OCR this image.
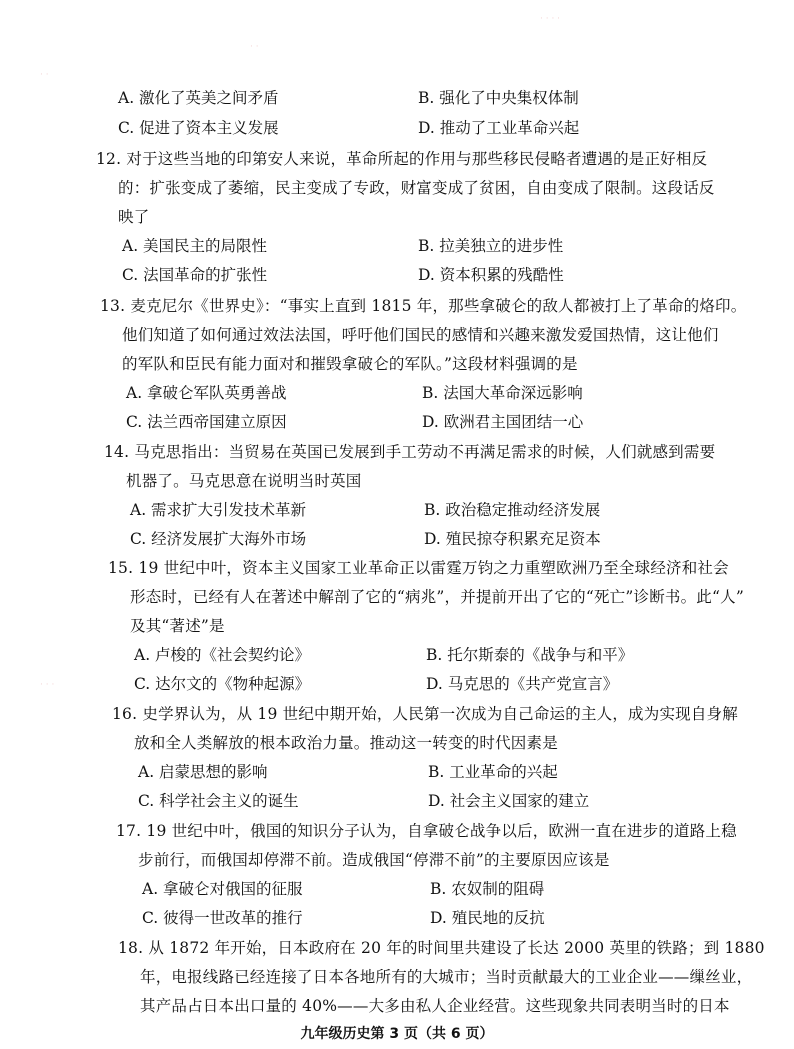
· · · ·
· ·
· ·
· · ·
A. 激化了英美之间矛盾	B. 强化了中央集权体制
C. 促进了资本主义发展	D. 推动了工业革命兴起
12. 对于这些当地的印第安人来说，革命所起的作用与那些移民侵略者遭遇的是正好相反
的：扩张变成了萎缩，民主变成了专政，财富变成了贫困，自由变成了限制。这段话反
映了
A. 美国民主的局限性	B. 拉美独立的进步性
C. 法国革命的扩张性	D. 资本积累的残酷性
13. 麦克尼尔《世界史》：“事实上直到 1815 年，那些拿破仑的敌人都被打上了革命的烙印。
他们知道了如何通过效法法国，呼吁他们国民的感情和兴趣来激发爱国热情，这让他们
的军队和臣民有能力面对和摧毁拿破仑的军队。”这段材料强调的是
A. 拿破仑军队英勇善战	B. 法国大革命深远影响
C. 法兰西帝国建立原因	D. 欧洲君主国团结一心
14. 马克思指出：当贸易在英国已发展到手工劳动不再满足需求的时候，人们就感到需要
机器了。马克思意在说明当时英国
A. 需求扩大引发技术革新	B. 政治稳定推动经济发展
C. 经济发展扩大海外市场	D. 殖民掠夺积累充足资本
15. 19 世纪中叶，资本主义国家工业革命正以雷霆万钧之力重塑欧洲乃至全球经济和社会
形态时，已经有人在著述中解剖了它的“病兆”，并提前开出了它的“死亡”诊断书。此“人”
及其“著述”是
A. 卢梭的《社会契约论》	B. 托尔斯泰的《战争与和平》
C. 达尔文的《物种起源》	D. 马克思的《共产党宣言》
16. 史学界认为，从 19 世纪中期开始，人民第一次成为自己命运的主人，成为实现自身解
放和全人类解放的根本政治力量。推动这一转变的时代因素是
A. 启蒙思想的影响	B. 工业革命的兴起
C. 科学社会主义的诞生	D. 社会主义国家的建立
17. 19 世纪中叶，俄国的知识分子认为，自拿破仑战争以后，欧洲一直在进步的道路上稳
步前行，而俄国却停滞不前。造成俄国“停滞不前”的主要原因应该是
A. 拿破仑对俄国的征服	B. 农奴制的阻碍
C. 彼得一世改革的推行	D. 殖民地的反抗
18. 从 1872 年开始，日本政府在 20 年的时间里共建设了长达 2000 英里的铁路；到 1880
年，电报线路已经连接了日本各地所有的大城市；当时贡献最大的工业企业——缫丝业，
其产品占日本出口量的 40%——大多由私人企业经营。这些现象共同表明当时的日本
九年级历史第 3 页（共 6 页）
